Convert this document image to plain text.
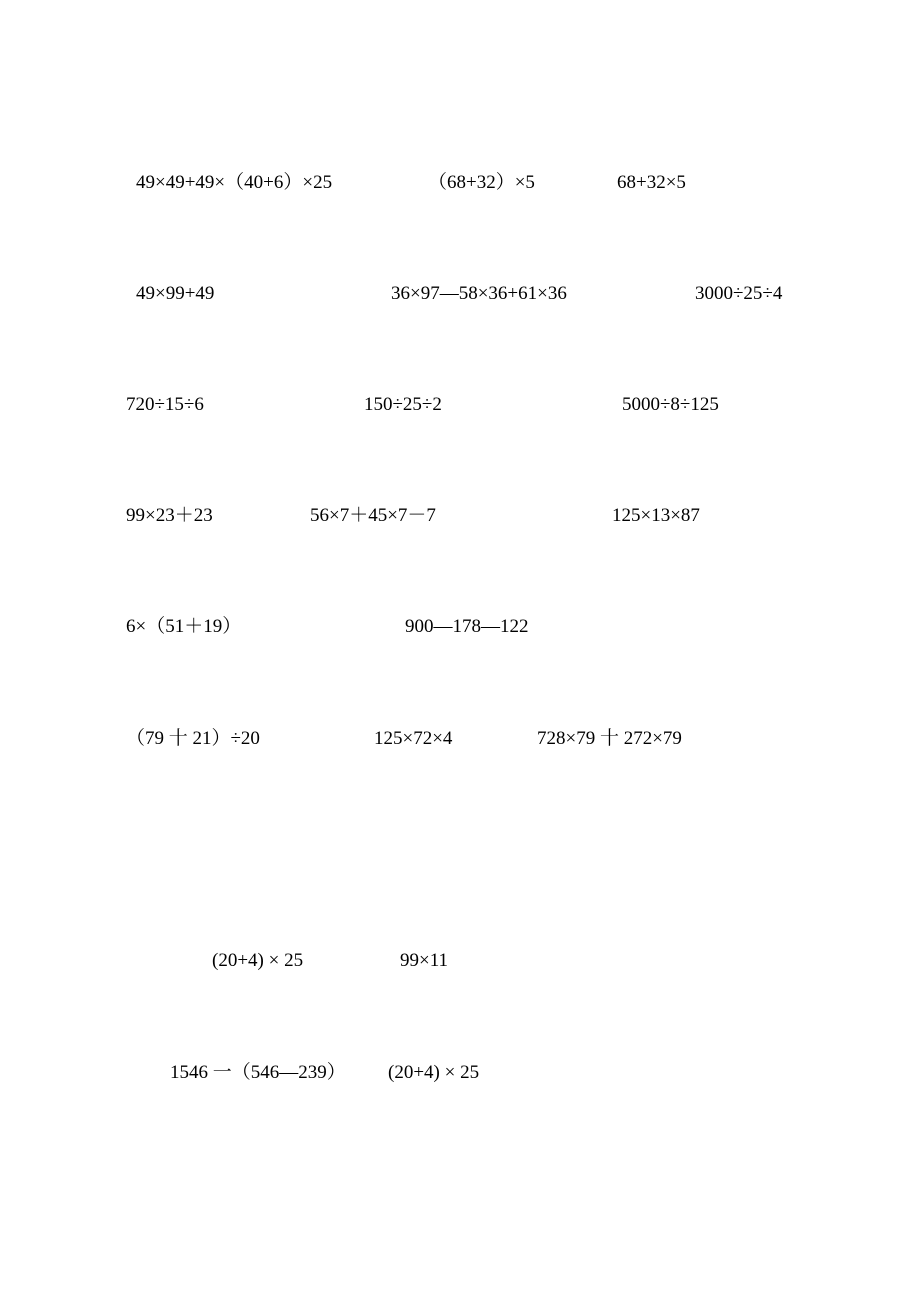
49×49+49×（40+6）×25	（68+32）×5	68+32×5
49×99+49	36×97—58×36+61×36	3000÷25÷4
720÷15÷6	150÷25÷2	5000÷8÷125
99×23＋23	56×7＋45×7－7	125×13×87
6×（51＋19）	900—178—122
（79 十 21）÷20	125×72×4	728×79 十 272×79
(20+4) × 25	99×11
1546 一（546—239） (20+4) × 25
